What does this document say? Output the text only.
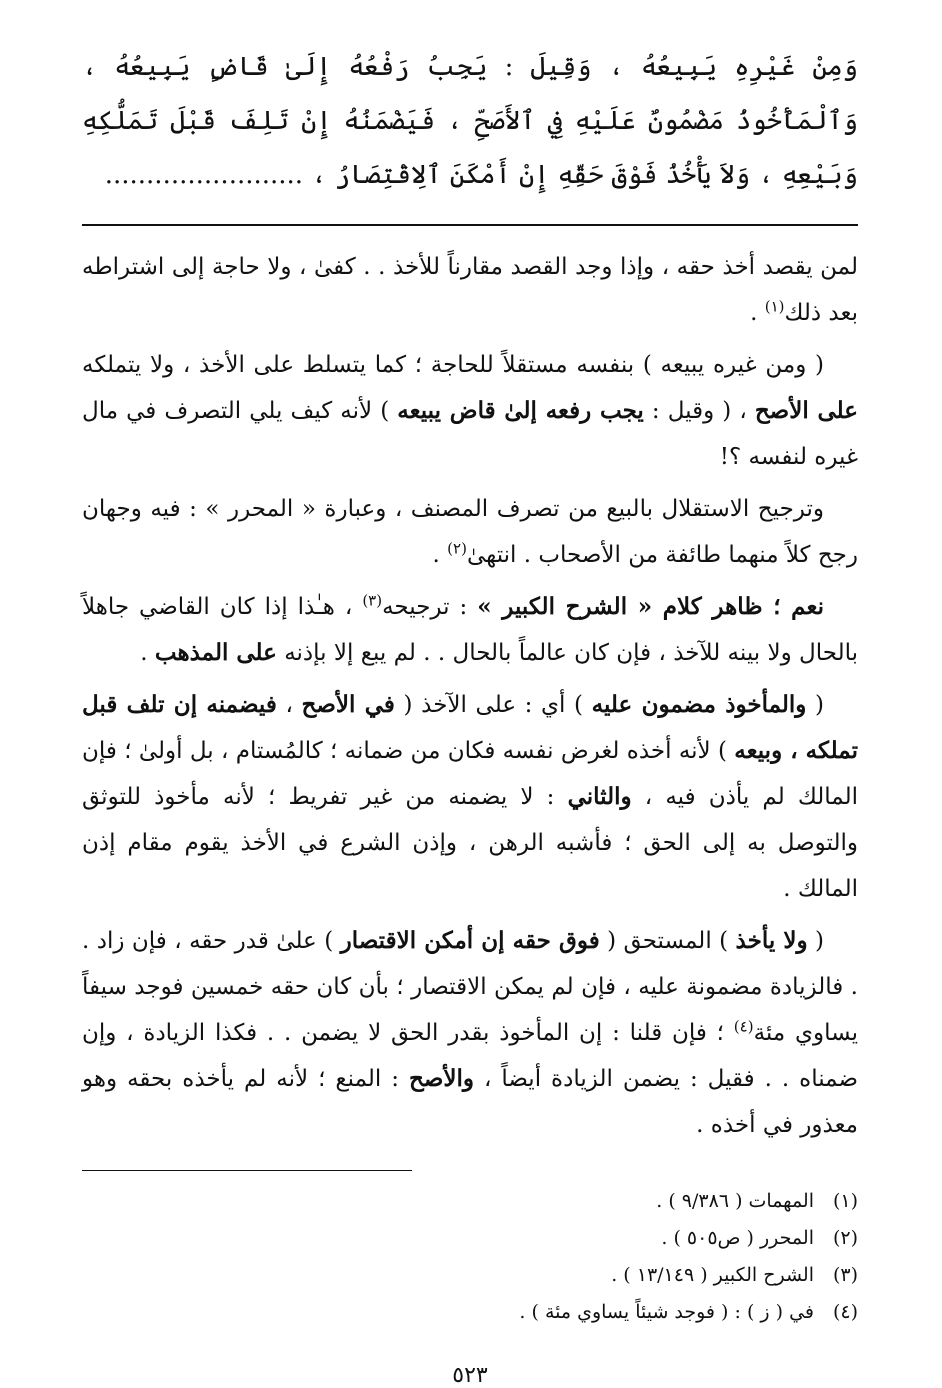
وَمِنْ غَيْرِهِ يَبِيعُهُ ، وَقِيلَ : يَجِبُ رَفْعُهُ إِلَىٰ قَاضٍ يَبِيعُهُ ، وَٱلْمَأْخُوذُ مَضْمُونٌ عَلَيْهِ فِي ٱلأَصَحِّ ، فَيَضْمَنُهُ إِنْ تَلِفَ قَبْلَ تَمَلُّكِهِ وَبَيْعِهِ ، وَلاَ يَأْخُذُ فَوْقَ حَقِّهِ إِنْ أَمْكَنَ ٱلِاقْتِصَارُ ، ........................

لمن يقصد أخذ حقه ، وإذا وجد القصد مقارناً للأخذ . . كفىٰ ، ولا حاجة إلى اشتراطه بعد ذلك$^{(١)}$ .

( ومن غيره يبيعه ) بنفسه مستقلاً للحاجة ؛ كما يتسلط على الأخذ ، ولا يتملكه على الأصح ، ( وقيل : يجب رفعه إلىٰ قاض يبيعه ) لأنه كيف يلي التصرف في مال غيره لنفسه ؟!

وترجيح الاستقلال بالبيع من تصرف المصنف ، وعبارة « المحرر » : فيه وجهان رجح كلاً منهما طائفة من الأصحاب . انتهىٰ$^{(٢)}$ .

نعم ؛ ظاهر كلام « الشرح الكبير » : ترجيحه$^{(٣)}$ ، هـٰذا إذا كان القاضي جاهلاً بالحال ولا بينه للآخذ ، فإن كان عالماً بالحال . . لم يبع إلا بإذنه على المذهب .

( والمأخوذ مضمون عليه ) أي : على الآخذ ( في الأصح ، فيضمنه إن تلف قبل تملكه ، وبيعه ) لأنه أخذه لغرض نفسه فكان من ضمانه ؛ كالمُستام ، بل أولىٰ ؛ فإن المالك لم يأذن فيه ، والثاني : لا يضمنه من غير تفريط ؛ لأنه مأخوذ للتوثق والتوصل به إلى الحق ؛ فأشبه الرهن ، وإذن الشرع في الأخذ يقوم مقام إذن المالك .

( ولا يأخذ ) المستحق ( فوق حقه إن أمكن الاقتصار ) علىٰ قدر حقه ، فإن زاد . . فالزيادة مضمونة عليه ، فإن لم يمكن الاقتصار ؛ بأن كان حقه خمسين فوجد سيفاً يساوي مئة$^{(٤)}$ ؛ فإن قلنا : إن المأخوذ بقدر الحق لا يضمن . . فكذا الزيادة ، وإن ضمناه . . فقيل : يضمن الزيادة أيضاً ، والأصح : المنع ؛ لأنه لم يأخذه بحقه وهو معذور في أخذه .

(١)
المهمات ( ٩/٣٨٦ ) .
(٢)
المحرر ( ص٥٠٥ ) .
(٣)
الشرح الكبير ( ١٣/١٤٩ ) .
(٤)
في ( ز ) : ( فوجد شيئاً يساوي مئة ) .
٥٢٣
